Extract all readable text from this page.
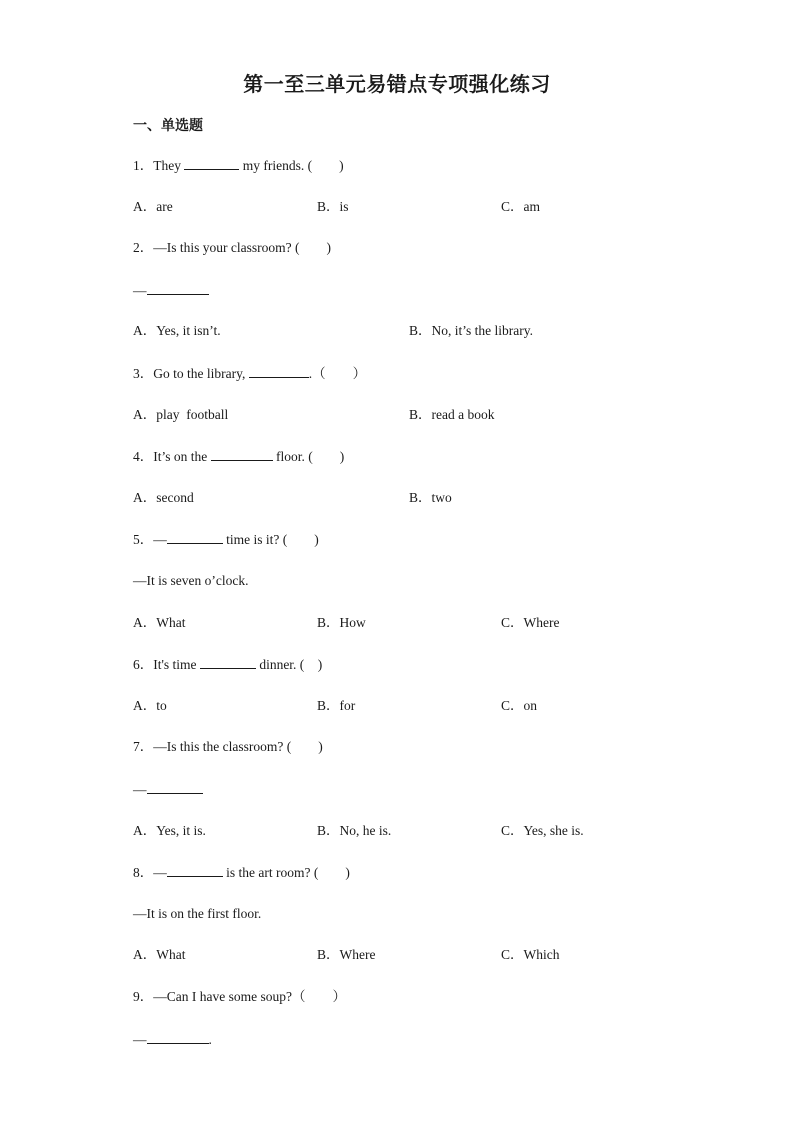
第一至三单元易错点专项强化练习
一、单选题
1．They	my friends. (　　)
A．are	B．is	C．am
2．—Is this your classroom? (　　)
—
A．Yes, it isn’t.	B．No, it’s the library.
3．Go to the library,	.（　　）
A．play  football	B．read a book
4．It’s on the	floor. (　　)
A．second	B．two
5．—	time is it? (　　)
—It is seven o’clock.
A．What	B．How	C．Where
6．It's time	dinner. (　)
A．to	B．for	C．on
7．—Is this the classroom? (　　)
—
A．Yes, it is.	B．No, he is.	C．Yes, she is.
8．—	is the art room? (　　)
—It is on the first floor.
A．What	B．Where	C．Which
9．—Can I have some soup?（　　）
—	.
